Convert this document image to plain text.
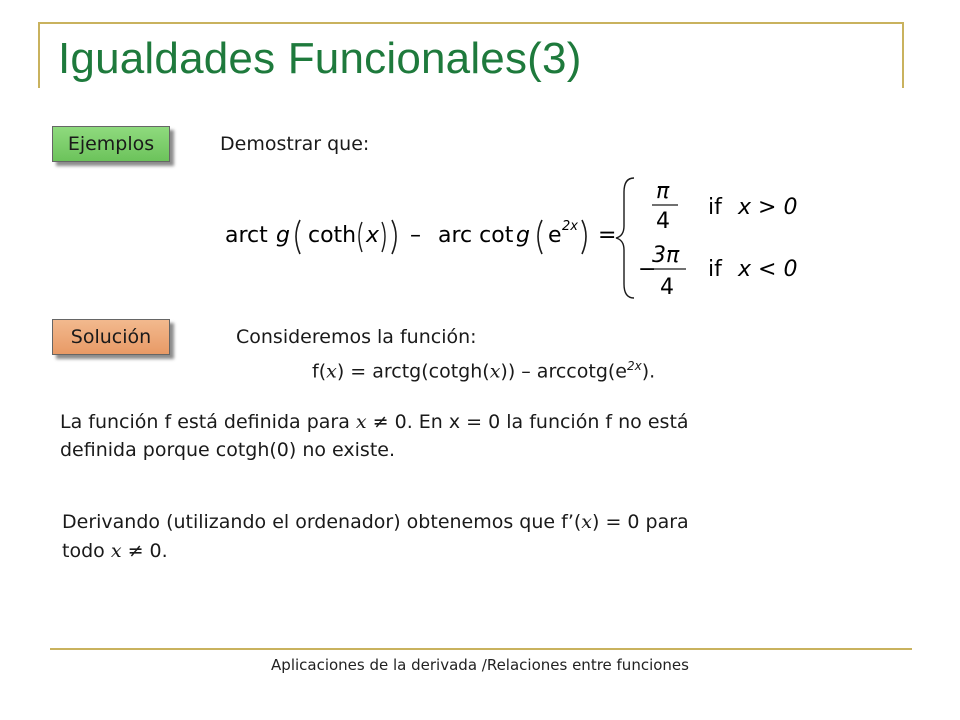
Igualdades Funcionales(3)
Ejemplos	Demostrar que:
arct g coth x – arc cot g e 2x =
π
4
if x > 0
−
3π
4
if x < 0
Solución	Consideremos la función:
f(x) = arctg(cotgh(x)) – $arccotg(e^{2x})$.
La función f está definida para x ≠ 0. En x = 0 la función f no está
definida porque cotgh(0) no existe.
Derivando (utilizando el ordenador) obtenemos que f’(x) = 0 para
todo x ≠ 0.
Aplicaciones de la derivada /Relaciones entre funciones
